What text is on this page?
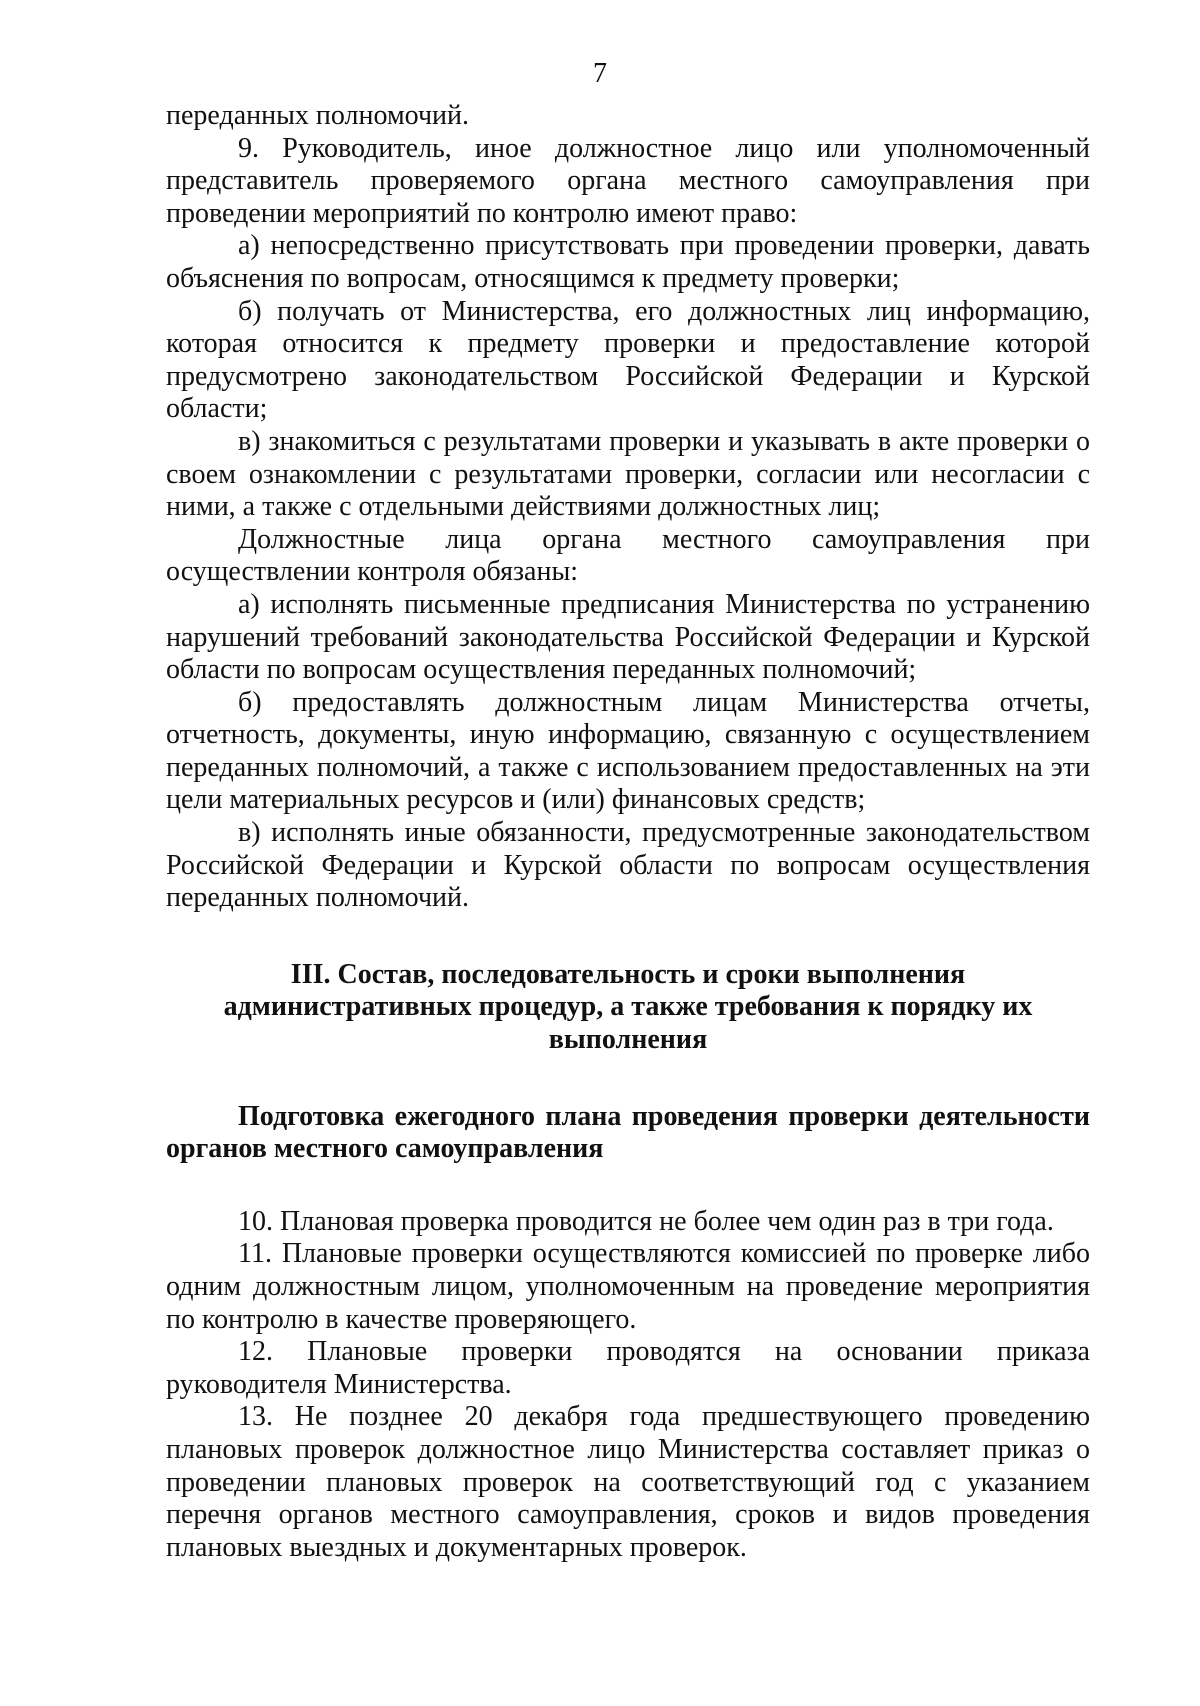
7

переданных полномочий.

9. Руководитель, иное должностное лицо или уполномоченный представитель проверяемого органа местного самоуправления при проведении мероприятий по контролю имеют право:

а) непосредственно присутствовать при проведении проверки, давать объяснения по вопросам, относящимся к предмету проверки;

б) получать от Министерства, его должностных лиц информацию, которая относится к предмету проверки и предоставление которой предусмотрено законодательством Российской Федерации и Курской области;

в) знакомиться с результатами проверки и указывать в акте проверки о своем ознакомлении с результатами проверки, согласии или несогласии с ними, а также с отдельными действиями должностных лиц;

Должностные лица органа местного самоуправления при осуществлении контроля обязаны:

а) исполнять письменные предписания Министерства по устранению нарушений требований законодательства Российской Федерации и Курской области по вопросам осуществления переданных полномочий;

б) предоставлять должностным лицам Министерства отчеты, отчетность, документы, иную информацию, связанную с осуществлением переданных полномочий, а также с использованием предоставленных на эти цели материальных ресурсов и (или) финансовых средств;

в) исполнять иные обязанности, предусмотренные законодательством Российской Федерации и Курской области по вопросам осуществления переданных полномочий.

III. Состав, последовательность и сроки выполнения административных процедур, а также требования к порядку их выполнения

Подготовка ежегодного плана проведения проверки деятельности органов местного самоуправления

10. Плановая проверка проводится не более чем один раз в три года.

11. Плановые проверки осуществляются комиссией по проверке либо одним должностным лицом, уполномоченным на проведение мероприятия по контролю в качестве проверяющего.

12. Плановые проверки проводятся на основании приказа руководителя Министерства.

13. Не позднее 20 декабря года предшествующего проведению плановых проверок должностное лицо Министерства составляет приказ о проведении плановых проверок на соответствующий год с указанием перечня органов местного самоуправления, сроков и видов проведения плановых выездных и документарных проверок.
